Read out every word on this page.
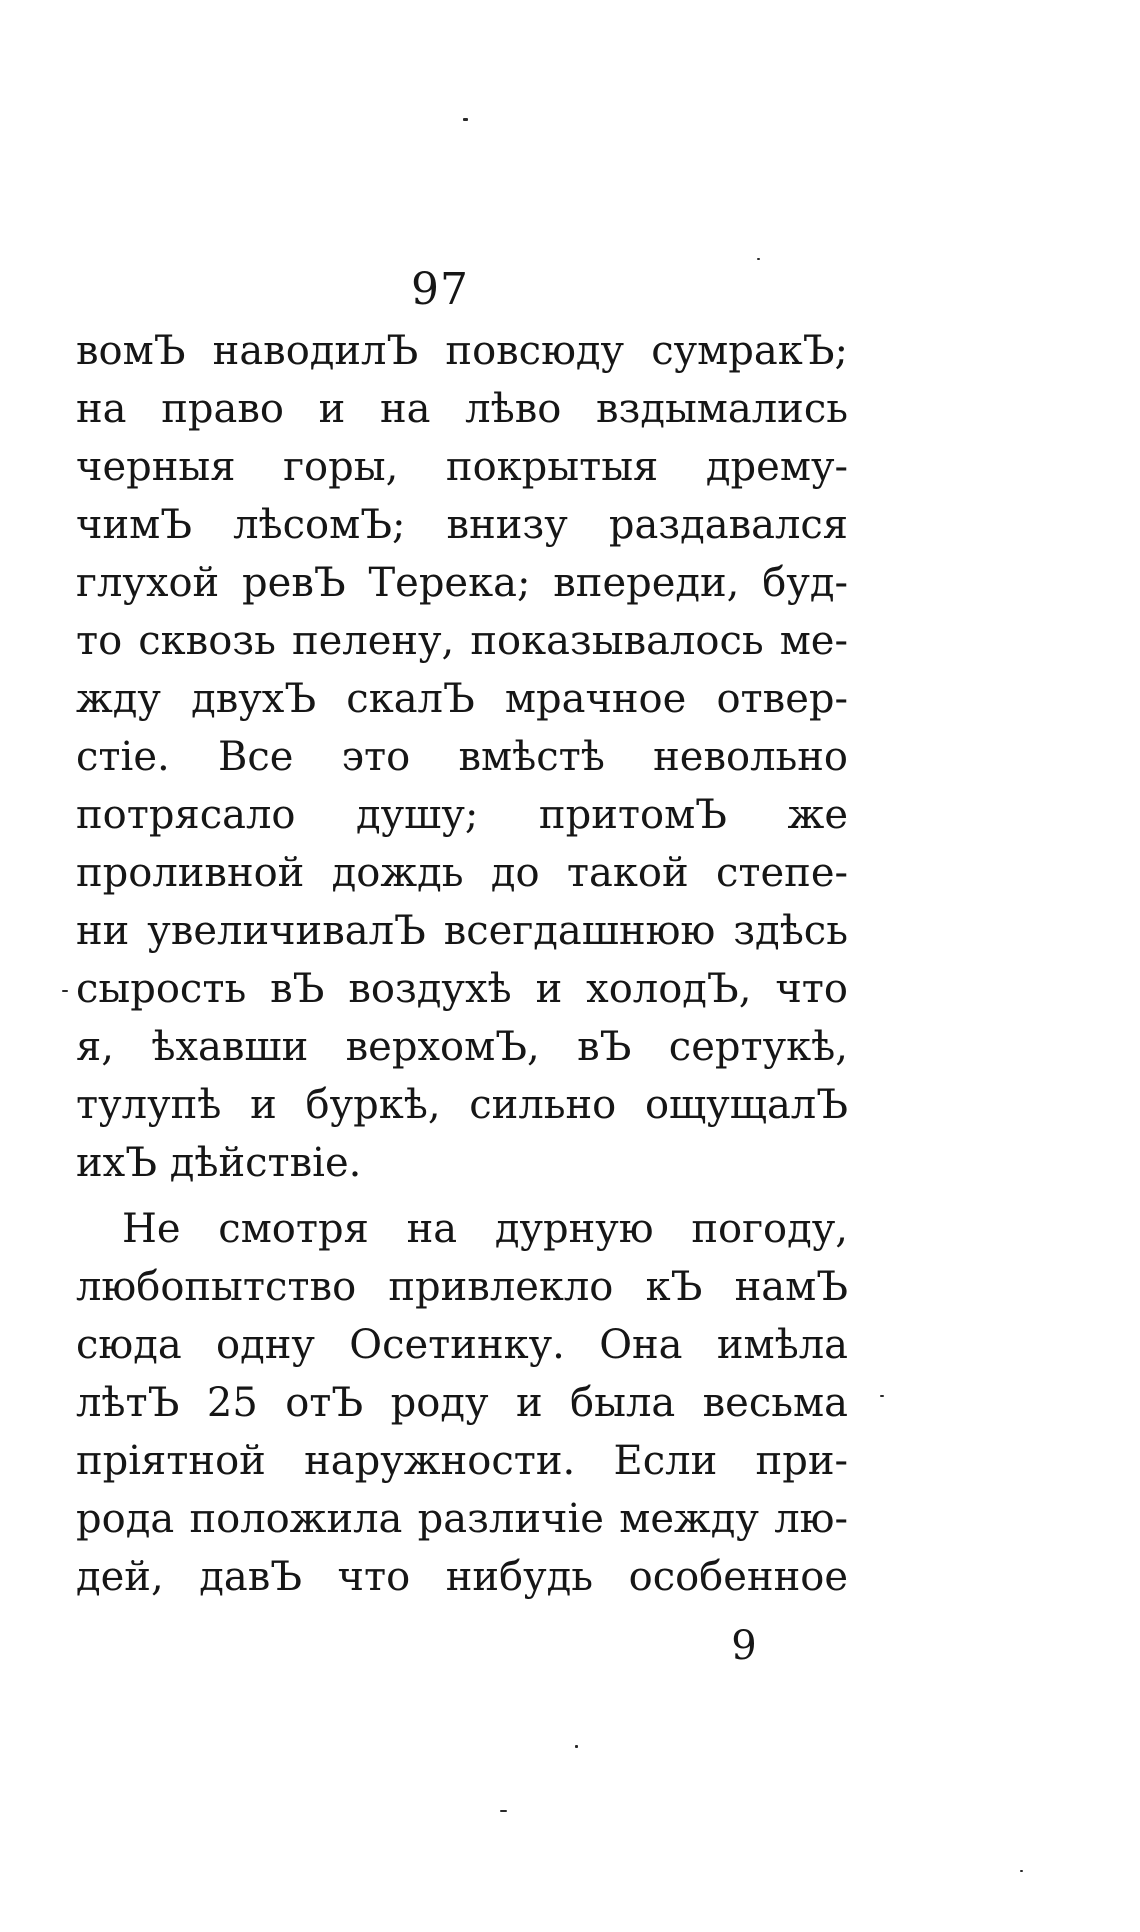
97
вомЪ наводилЪ повсюду сумракЪ;
на право и на лѣво вздымались
черныя горы, покрытыя дрему-
чимЪ лѣсомЪ; внизу раздавался
глухой ревЪ Терека; впереди, буд-
то сквозь пелену, показывалось ме-
жду двухЪ скалЪ мрачное отвер-
стіе. Все это вмѣстѣ невольно
потрясало душу; притомЪ же
проливной дождь до такой степе-
ни увеличивалЪ всегдашнюю здѣсь
сырость вЪ воздухѣ и холодЪ, что
я, ѣхавши верхомЪ, вЪ сертукѣ,
тулупѣ и буркѣ, сильно ощущалЪ
ихЪ дѣйствіе.
Не смотря на дурную погоду,
любопытство привлекло кЪ намЪ
сюда одну Осетинку. Она имѣла
лѣтЪ 25 отЪ роду и была весьма
пріятной наружности. Если при-
рода положила различіе между лю-
дей, давЪ что нибудь особенное
9
